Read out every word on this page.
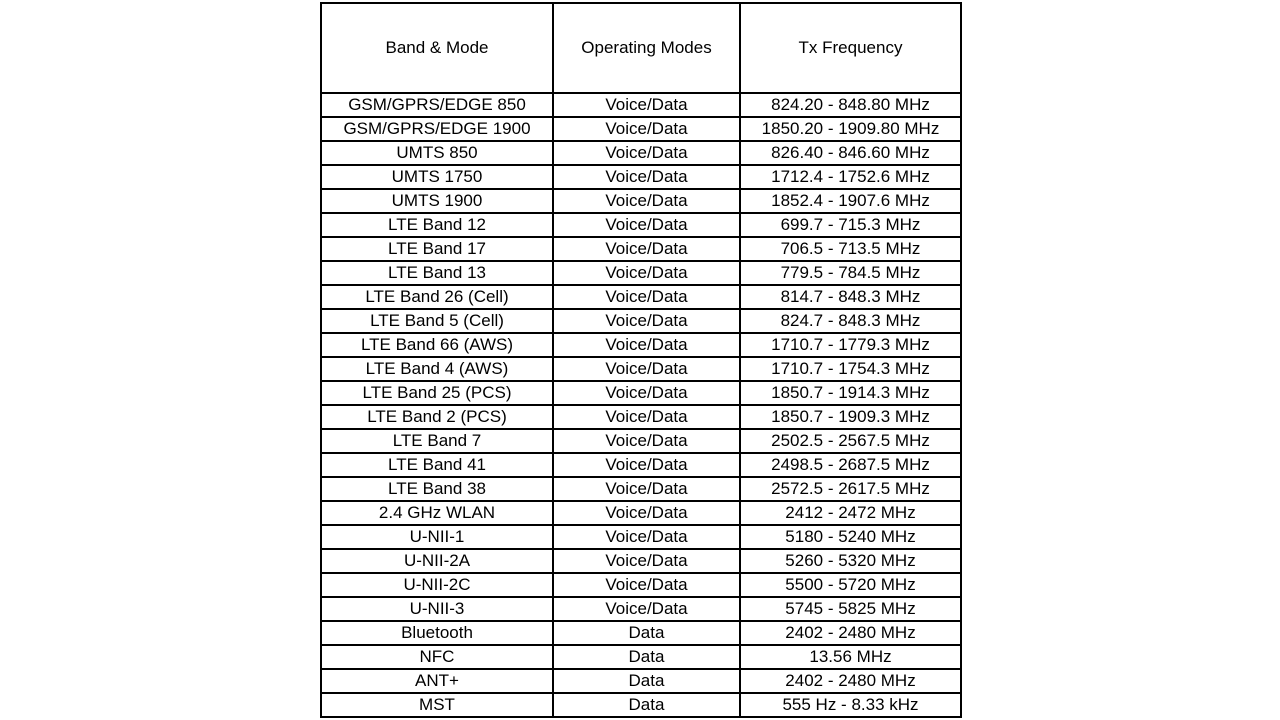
Band & Mode	Operating Modes	Tx Frequency
GSM/GPRS/EDGE 850	Voice/Data	824.20 - 848.80 MHz
GSM/GPRS/EDGE 1900	Voice/Data	1850.20 - 1909.80 MHz
UMTS 850	Voice/Data	826.40 - 846.60 MHz
UMTS 1750	Voice/Data	1712.4 - 1752.6 MHz
UMTS 1900	Voice/Data	1852.4 - 1907.6 MHz
LTE Band 12	Voice/Data	699.7 - 715.3 MHz
LTE Band 17	Voice/Data	706.5 - 713.5 MHz
LTE Band 13	Voice/Data	779.5 - 784.5 MHz
LTE Band 26 (Cell)	Voice/Data	814.7 - 848.3 MHz
LTE Band 5 (Cell)	Voice/Data	824.7 - 848.3 MHz
LTE Band 66 (AWS)	Voice/Data	1710.7 - 1779.3 MHz
LTE Band 4 (AWS)	Voice/Data	1710.7 - 1754.3 MHz
LTE Band 25 (PCS)	Voice/Data	1850.7 - 1914.3 MHz
LTE Band 2 (PCS)	Voice/Data	1850.7 - 1909.3 MHz
LTE Band 7	Voice/Data	2502.5 - 2567.5 MHz
LTE Band 41	Voice/Data	2498.5 - 2687.5 MHz
LTE Band 38	Voice/Data	2572.5 - 2617.5 MHz
2.4 GHz WLAN	Voice/Data	2412 - 2472 MHz
U-NII-1	Voice/Data	5180 - 5240 MHz
U-NII-2A	Voice/Data	5260 - 5320 MHz
U-NII-2C	Voice/Data	5500 - 5720 MHz
U-NII-3	Voice/Data	5745 - 5825 MHz
Bluetooth	Data	2402 - 2480 MHz
NFC	Data	13.56 MHz
ANT+	Data	2402 - 2480 MHz
MST	Data	555 Hz - 8.33 kHz
